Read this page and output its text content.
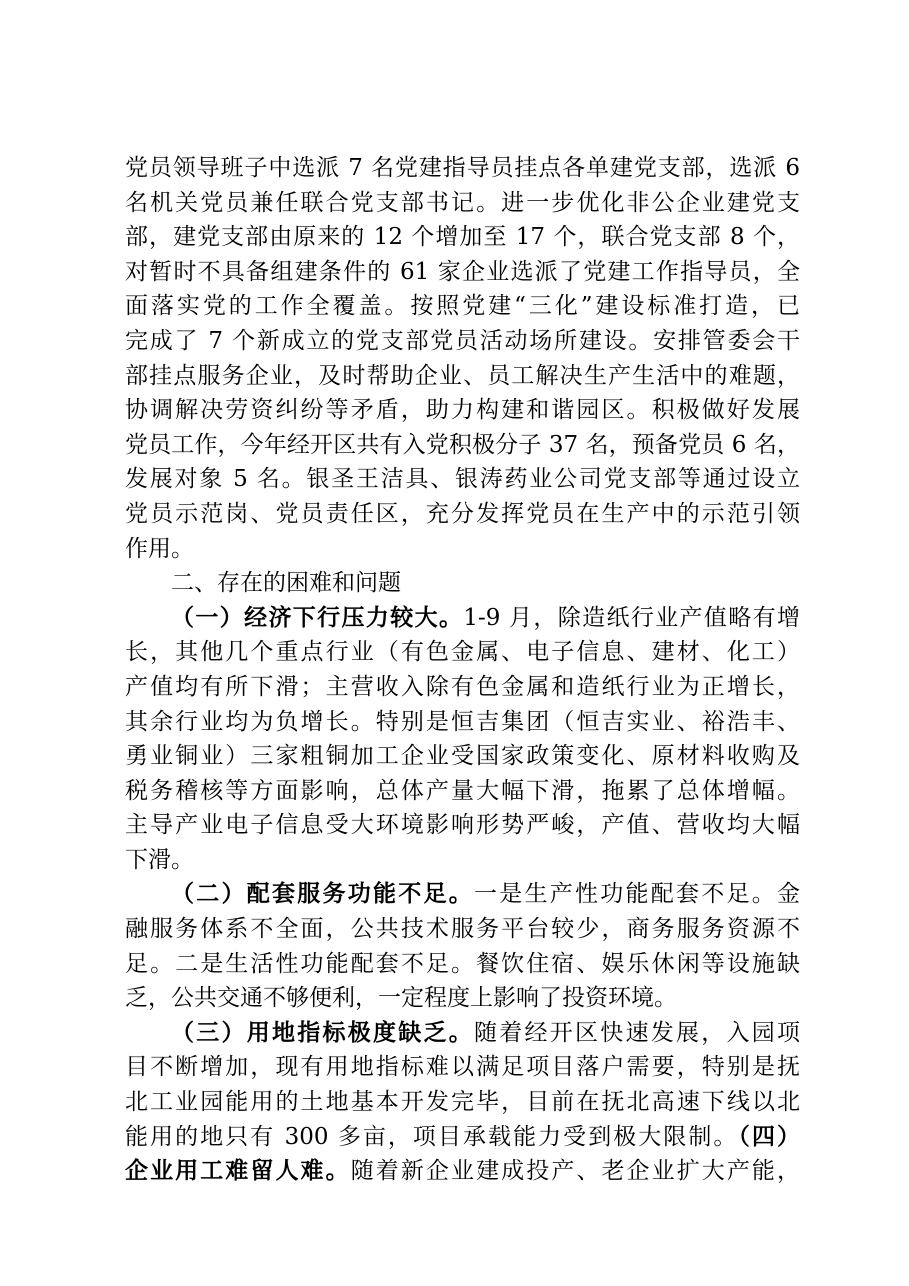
党员领导班子中选派 7 名党建指导员挂点各单建党支部，选派 6
名机关党员兼任联合党支部书记。进一步优化非公企业建党支
部，建党支部由原来的 12 个增加至 17 个，联合党支部 8 个，
对暂时不具备组建条件的 61 家企业选派了党建工作指导员，全
面落实党的工作全覆盖。按照党建“三化”建设标准打造，已
完成了 7 个新成立的党支部党员活动场所建设。安排管委会干
部挂点服务企业，及时帮助企业、员工解决生产生活中的难题，
协调解决劳资纠纷等矛盾，助力构建和谐园区。积极做好发展
党员工作，今年经开区共有入党积极分子 37 名，预备党员 6 名，
发展对象 5 名。银圣王洁具、银涛药业公司党支部等通过设立
党员示范岗、党员责任区，充分发挥党员在生产中的示范引领
作用。
二、存在的困难和问题
（一）经济下行压力较大。1-9 月，除造纸行业产值略有增
长，其他几个重点行业（有色金属、电子信息、建材、化工）
产值均有所下滑；主营收入除有色金属和造纸行业为正增长，
其余行业均为负增长。特别是恒吉集团（恒吉实业、裕浩丰、
勇业铜业）三家粗铜加工企业受国家政策变化、原材料收购及
税务稽核等方面影响，总体产量大幅下滑，拖累了总体增幅。
主导产业电子信息受大环境影响形势严峻，产值、营收均大幅
下滑。
（二）配套服务功能不足。一是生产性功能配套不足。金
融服务体系不全面，公共技术服务平台较少，商务服务资源不
足。二是生活性功能配套不足。餐饮住宿、娱乐休闲等设施缺
乏，公共交通不够便利，一定程度上影响了投资环境。
（三）用地指标极度缺乏。随着经开区快速发展，入园项
目不断增加，现有用地指标难以满足项目落户需要，特别是抚
北工业园能用的土地基本开发完毕，目前在抚北高速下线以北
能用的地只有 300 多亩，项目承载能力受到极大限制。（四）
企业用工难留人难。随着新企业建成投产、老企业扩大产能，
